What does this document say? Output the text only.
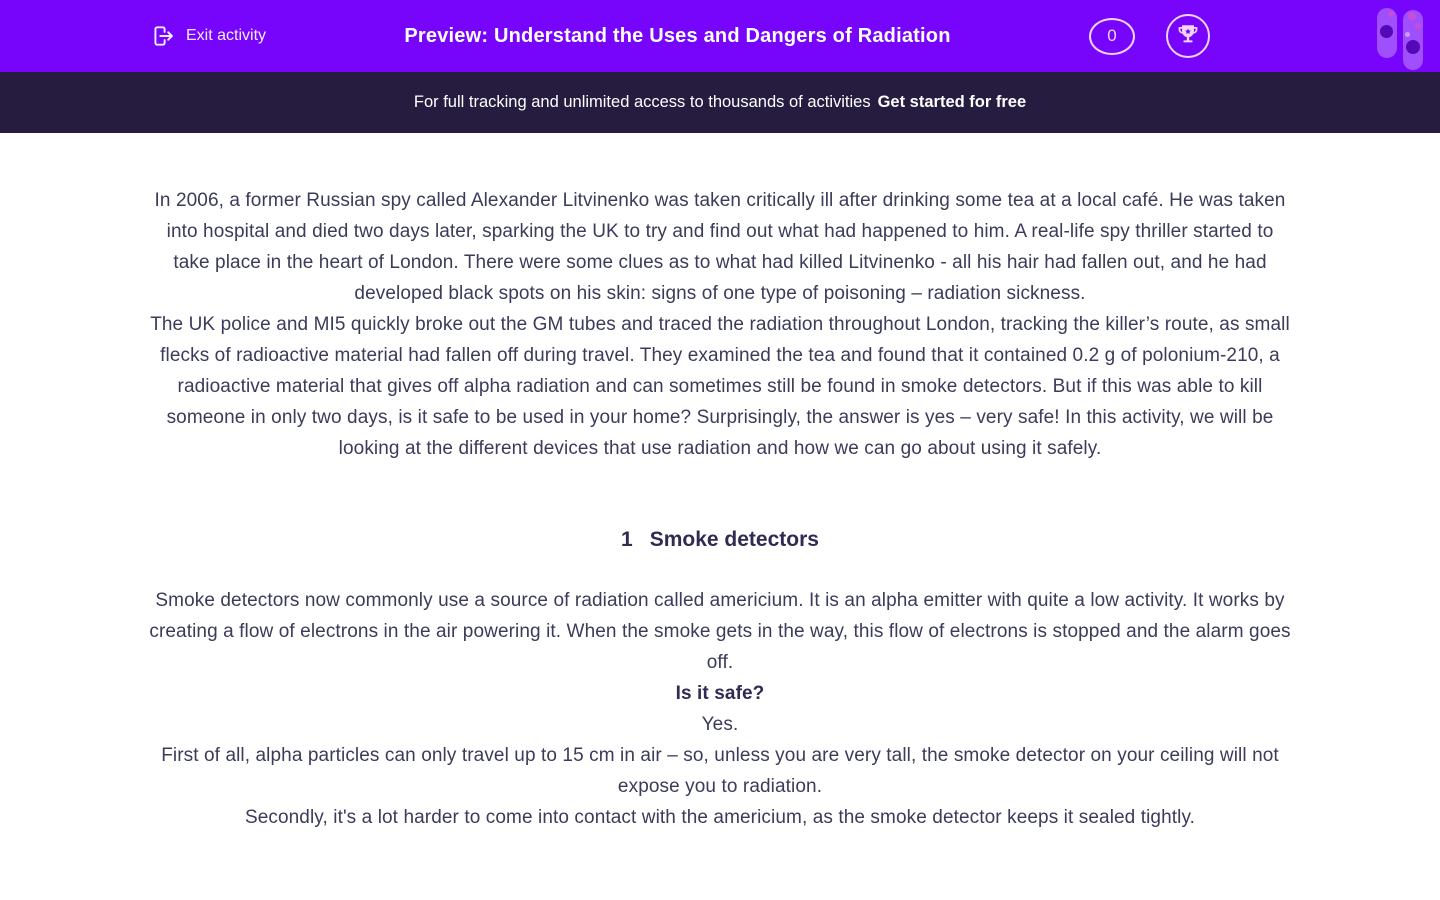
Exit activity	Preview: Understand the Uses and Dangers of Radiation	0
For full tracking and unlimited access to thousands of activities Get started for free

In 2006, a former Russian spy called Alexander Litvinenko was taken critically ill after drinking some tea at a local café. He was taken into hospital and died two days later, sparking the UK to try and find out what had happened to him. A real-life spy thriller started to take place in the heart of London. There were some clues as to what had killed Litvinenko - all his hair had fallen out, and he had developed black spots on his skin: signs of one type of poisoning – radiation sickness.

The UK police and MI5 quickly broke out the GM tubes and traced the radiation throughout London, tracking the killer’s route, as small flecks of radioactive material had fallen off during travel. They examined the tea and found that it contained 0.2 g of polonium-210, a radioactive material that gives off alpha radiation and can sometimes still be found in smoke detectors. But if this was able to kill someone in only two days, is it safe to be used in your home? Surprisingly, the answer is yes – very safe! In this activity, we will be looking at the different devices that use radiation and how we can go about using it safely.

1 Smoke detectors

Smoke detectors now commonly use a source of radiation called americium. It is an alpha emitter with quite a low activity. It works by creating a flow of electrons in the air powering it. When the smoke gets in the way, this flow of electrons is stopped and the alarm goes off.

Is it safe?

Yes.

First of all, alpha particles can only travel up to 15 cm in air – so, unless you are very tall, the smoke detector on your ceiling will not expose you to radiation.

Secondly, it's a lot harder to come into contact with the americium, as the smoke detector keeps it sealed tightly.
